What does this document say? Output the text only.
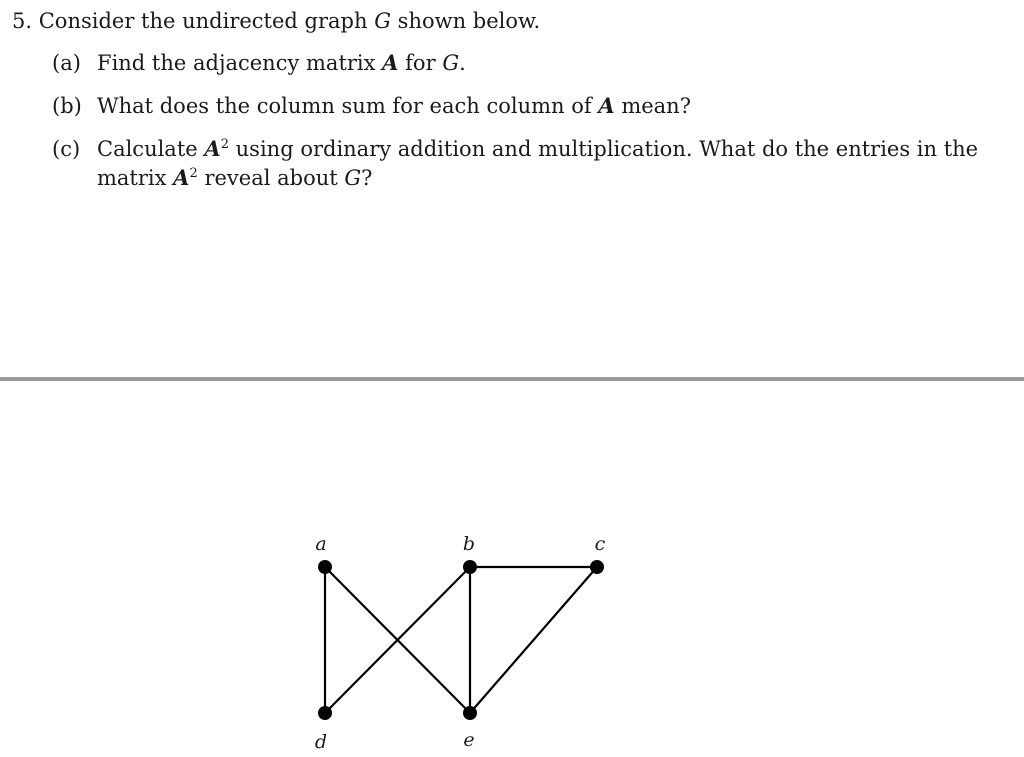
5. Consider the undirected graph G shown below.
(a) Find the adjacency matrix A for G.
(b) What does the column sum for each column of A mean?
(c) Calculate $A^2$ using ordinary addition and multiplication. What do the entries in the matrix $A^2$ reveal about G?
a	b	c
d	e
